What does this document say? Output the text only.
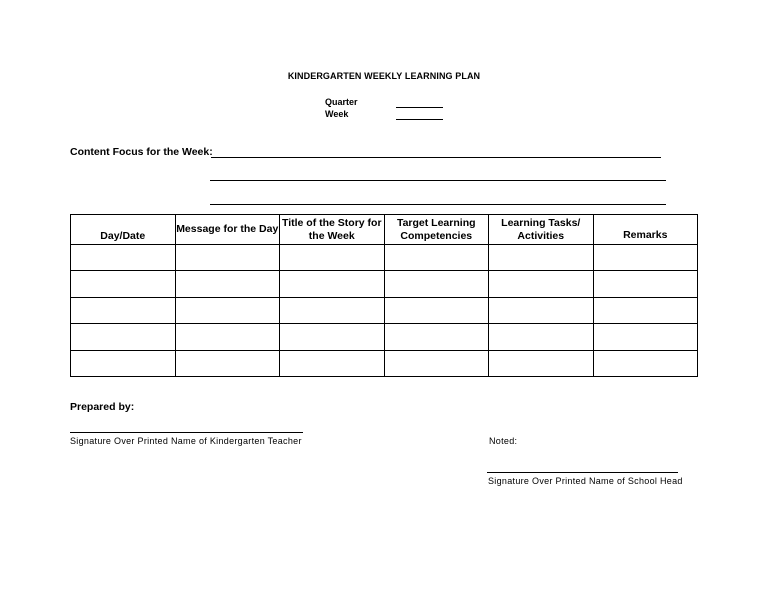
KINDERGARTEN WEEKLY LEARNING PLAN
Quarter
Week
Content Focus for the Week:
Day/Date	Message for the Day	Title of the Story for the Week	Target Learning Competencies	Learning Tasks/ Activities	Remarks

Prepared by:
Signature Over Printed Name of Kindergarten Teacher	Noted:
Signature Over Printed Name of School Head
